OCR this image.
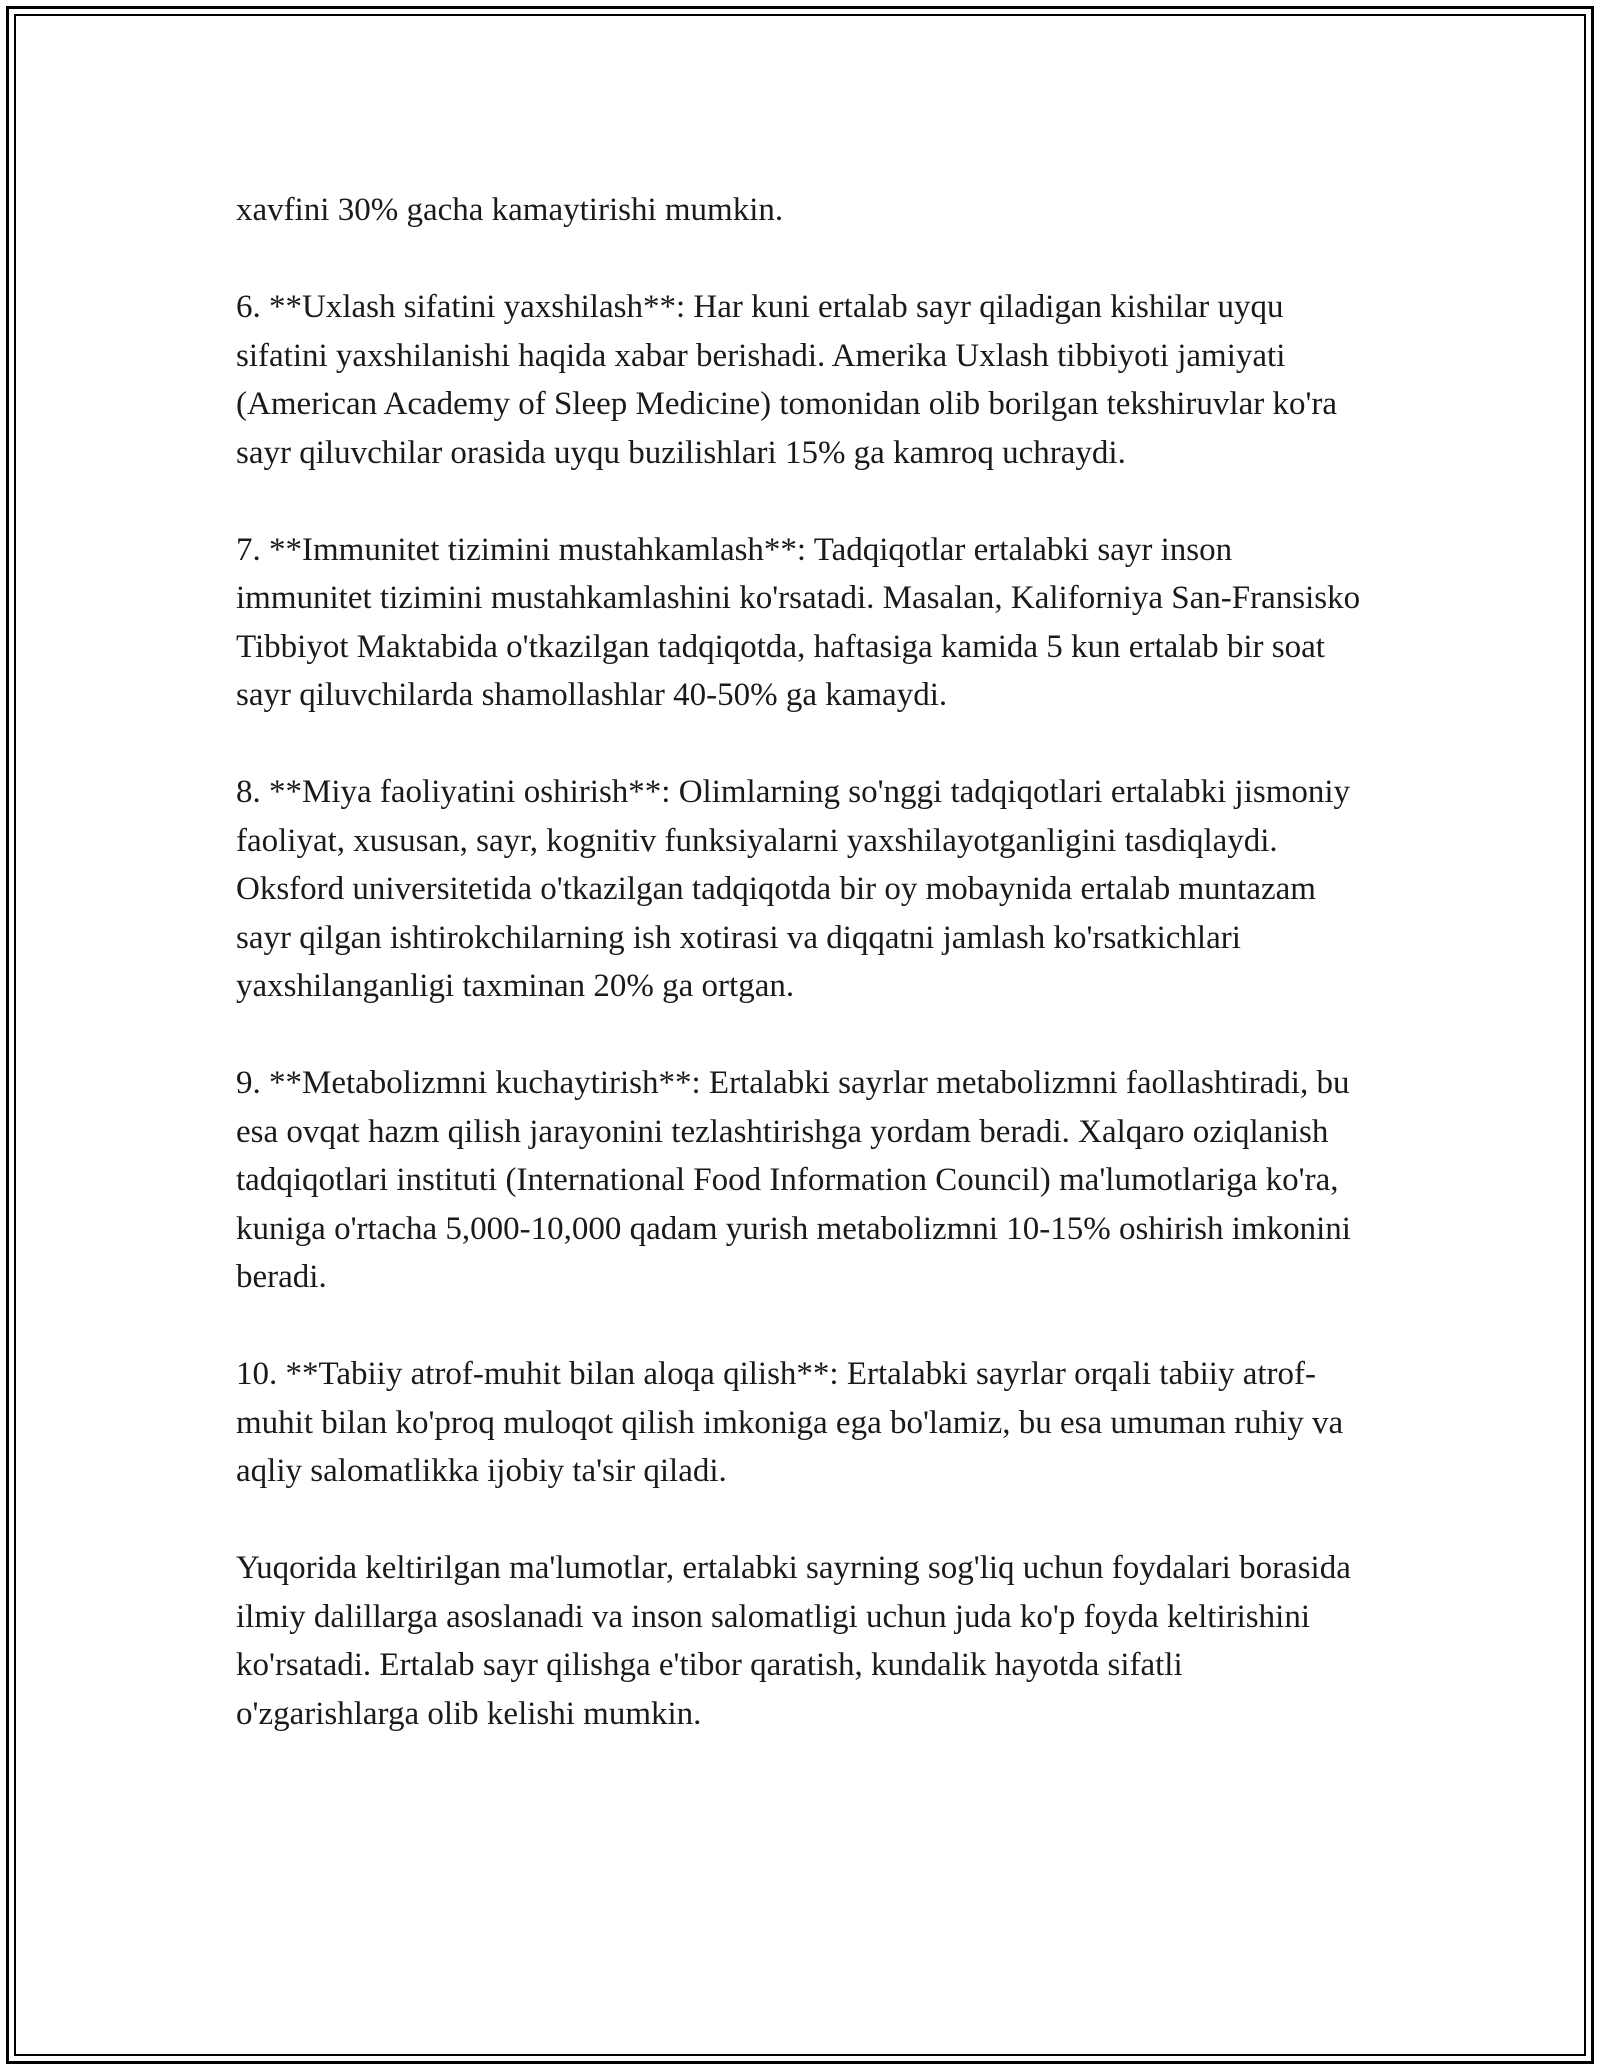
xavfini 30% gacha kamaytirishi mumkin.

6. **Uxlash sifatini yaxshilash**: Har kuni ertalab sayr qiladigan kishilar uyqu sifatini yaxshilanishi haqida xabar berishadi. Amerika Uxlash tibbiyoti jamiyati (American Academy of Sleep Medicine) tomonidan olib borilgan tekshiruvlar ko'ra sayr qiluvchilar orasida uyqu buzilishlari 15% ga kamroq uchraydi.

7. **Immunitet tizimini mustahkamlash**: Tadqiqotlar ertalabki sayr inson immunitet tizimini mustahkamlashini ko'rsatadi. Masalan, Kaliforniya San-Fransisko Tibbiyot Maktabida o'tkazilgan tadqiqotda, haftasiga kamida 5 kun ertalab bir soat sayr qiluvchilarda shamollashlar 40-50% ga kamaydi.

8. **Miya faoliyatini oshirish**: Olimlarning so'nggi tadqiqotlari ertalabki jismoniy faoliyat, xususan, sayr, kognitiv funksiyalarni yaxshilayotganligini tasdiqlaydi. Oksford universitetida o'tkazilgan tadqiqotda bir oy mobaynida ertalab muntazam sayr qilgan ishtirokchilarning ish xotirasi va diqqatni jamlash ko'rsatkichlari yaxshilanganligi taxminan 20% ga ortgan.

9. **Metabolizmni kuchaytirish**: Ertalabki sayrlar metabolizmni faollashtiradi, bu esa ovqat hazm qilish jarayonini tezlashtirishga yordam beradi. Xalqaro oziqlanish tadqiqotlari instituti (International Food Information Council) ma'lumotlariga ko'ra, kuniga o'rtacha 5,000-10,000 qadam yurish metabolizmni 10-15% oshirish imkonini beradi.

10. **Tabiiy atrof-muhit bilan aloqa qilish**: Ertalabki sayrlar orqali tabiiy atrof-muhit bilan ko'proq muloqot qilish imkoniga ega bo'lamiz, bu esa umuman ruhiy va aqliy salomatlikka ijobiy ta'sir qiladi.

Yuqorida keltirilgan ma'lumotlar, ertalabki sayrning sog'liq uchun foydalari borasida ilmiy dalillarga asoslanadi va inson salomatligi uchun juda ko'p foyda keltirishini ko'rsatadi. Ertalab sayr qilishga e'tibor qaratish, kundalik hayotda sifatli o'zgarishlarga olib kelishi mumkin.
